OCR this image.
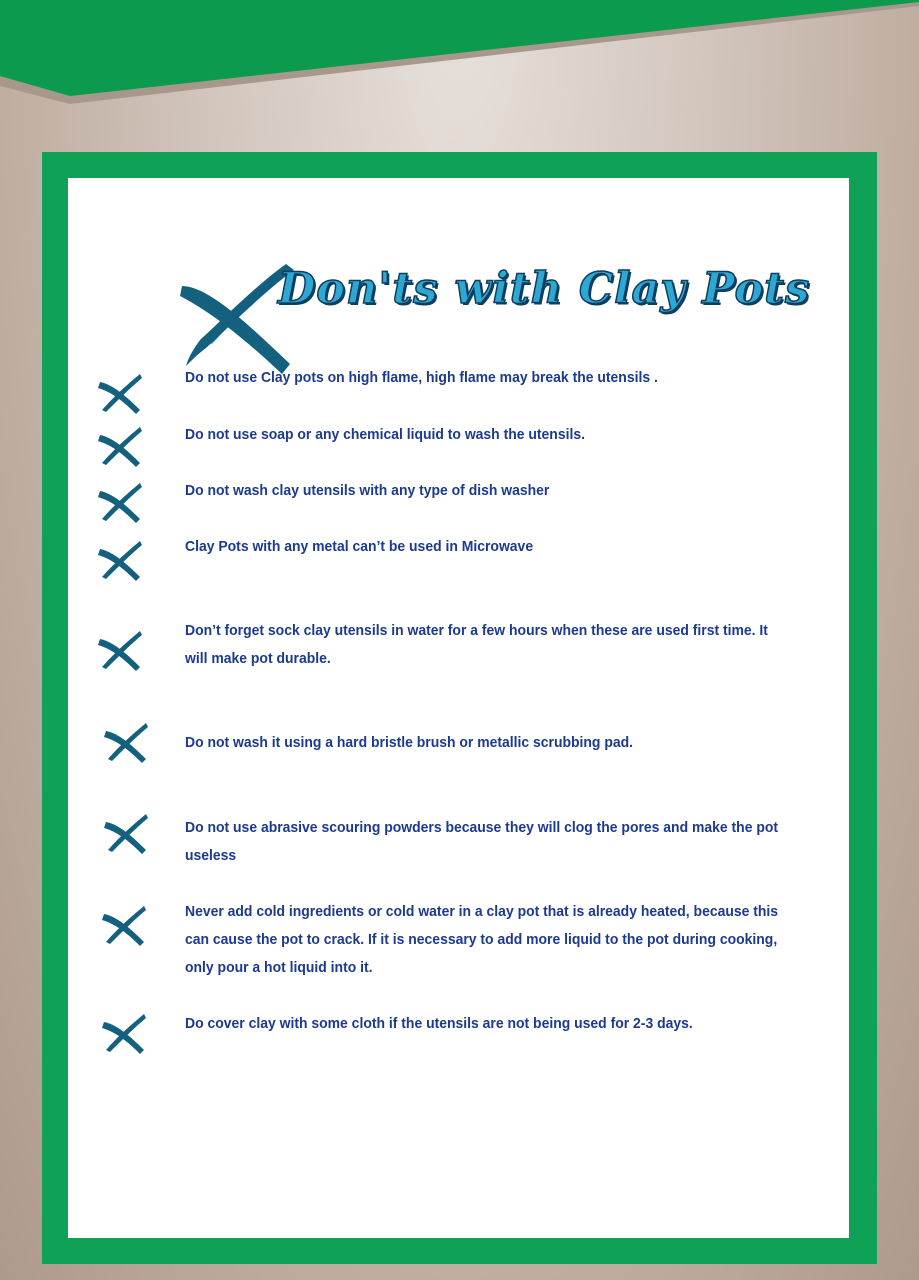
Don'ts with Clay Pots

Do not use Clay pots on high flame, high flame may break the utensils .

Do not use soap or any chemical liquid to wash the utensils.

Do not wash clay utensils with any type of dish washer

Clay Pots with any metal can’t be used in Microwave

Don’t forget sock clay utensils in water for a few hours when these are used first time. It will make pot durable.

Do not wash it using a hard bristle brush or metallic scrubbing pad.

Do not use abrasive scouring powders because they will clog the pores and make the pot useless

Never add cold ingredients or cold water in a clay pot that is already heated, because this can cause the pot to crack. If it is necessary to add more liquid to the pot during cooking, only pour a hot liquid into it.

Do cover clay with some cloth if the utensils are not being used for 2-3 days.
